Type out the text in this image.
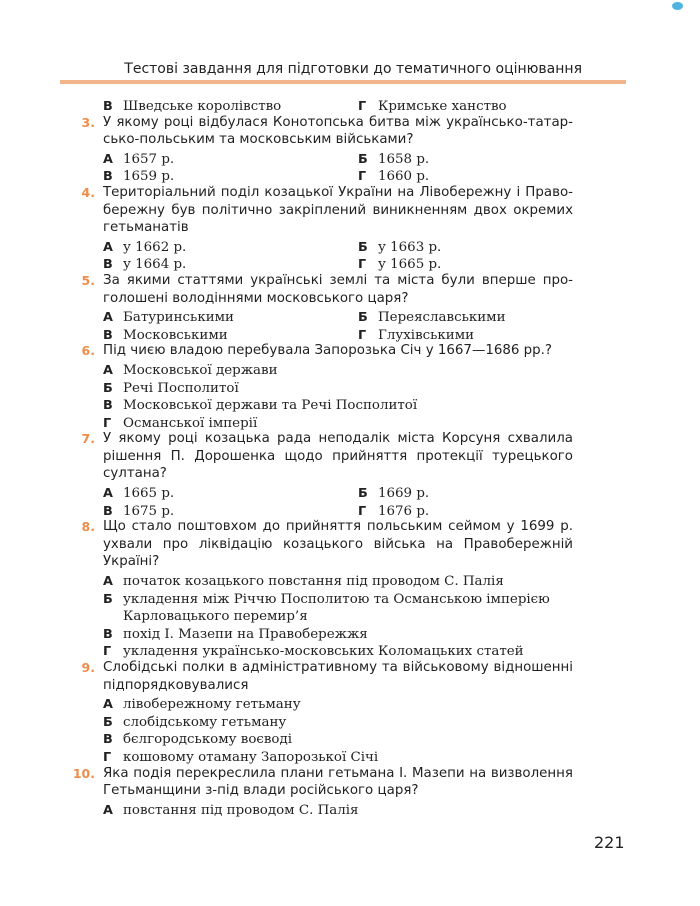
Тестові завдання для підготовки до тематичного оцінювання
В Шведське королівство	Г Кримське ханство
3. У якому році відбулася Конотопська битва між українсько-татар-
сько-польським та московським військами?
А 1657 р.	Б 1658 р.
В 1659 р.	Г 1660 р.
4. Територіальний поділ козацької України на Лівобережну і Право-
бережну був політично закріплений виникненням двох окремих
гетьманатів
А у 1662 р.	Б у 1663 р.
В у 1664 р.	Г у 1665 р.
5. За якими статтями українські землі та міста були вперше про-
голошені володіннями московського царя?
А Батуринськими	Б Переяславськими
В Московськими	Г Глухівськими
6. Під чиєю владою перебувала Запорозька Січ у 1667—1686 рр.?
А Московської держави
Б Речі Посполитої
В Московської держави та Речі Посполитої
Г Османської імперії
7. У якому році козацька рада неподалік міста Корсуня схвалила
рішення П. Дорошенка щодо прийняття протекції турецького
султана?
А 1665 р.	Б 1669 р.
В 1675 р.	Г 1676 р.
8. Що стало поштовхом до прийняття польським сеймом у 1699 р.
ухвали про ліквідацію козацького війська на Правобережній
Україні?
А початок козацького повстання під проводом С. Палія
Б укладення між Річчю Посполитою та Османською імперією
Карловацького перемир’я
В похід І. Мазепи на Правобережжя
Г укладення українсько-московських Коломацьких статей
9. Слобідські полки в адміністративному та військовому відношенні
підпорядковувалися
А лівобережному гетьману
Б слобідському гетьману
В бєлгородському воєводі
Г кошовому отаману Запорозької Січі
10. Яка подія перекреслила плани гетьмана І. Мазепи на визволення
Гетьманщини з-під влади російського царя?
А повстання під проводом С. Палія
221
